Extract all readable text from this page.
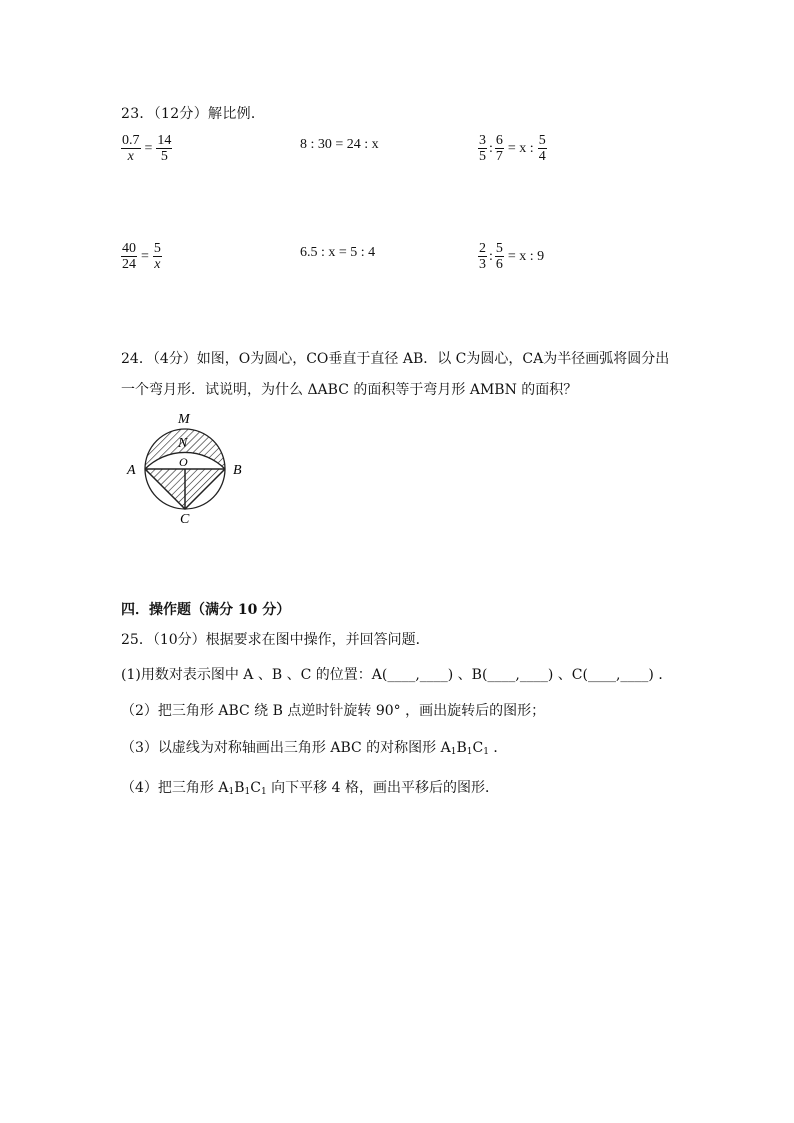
23．（12分）解比例．
$\frac{0.7}{x} = \frac{14}{5}$	8 : 30 = 24 : x	$\frac{3}{5}$ : $\frac{6}{7} = x$ : $\frac{5}{4}$
$\frac{40}{24} = \frac{5}{x}$	6.5 : x = 5 : 4	$\frac{2}{3}$ : $\frac{5}{6} = x$ : 9
24．（4分）如图，O为圆心，CO垂直于直径 AB．以 C为圆心，CA为半径画弧将圆分出
一个弯月形．试说明，为什么 ΔABC 的面积等于弯月形 AMBN 的面积？
M
N
O
A	B
C
四．操作题（满分 10 分）
25．（10分）根据要求在图中操作，并回答问题．
(1)用数对表示图中 A 、B 、C 的位置：A(____,____) 、B(____,____) 、C(____,____) ．
（2）把三角形 ABC 绕 B 点逆时针旋转 90° ，画出旋转后的图形；
（3）以虚线为对称轴画出三角形 ABC 的对称图形 $A_1B_1C_1$ ．
（4）把三角形 $A_1B_1C_1$ 向下平移 4 格，画出平移后的图形．
